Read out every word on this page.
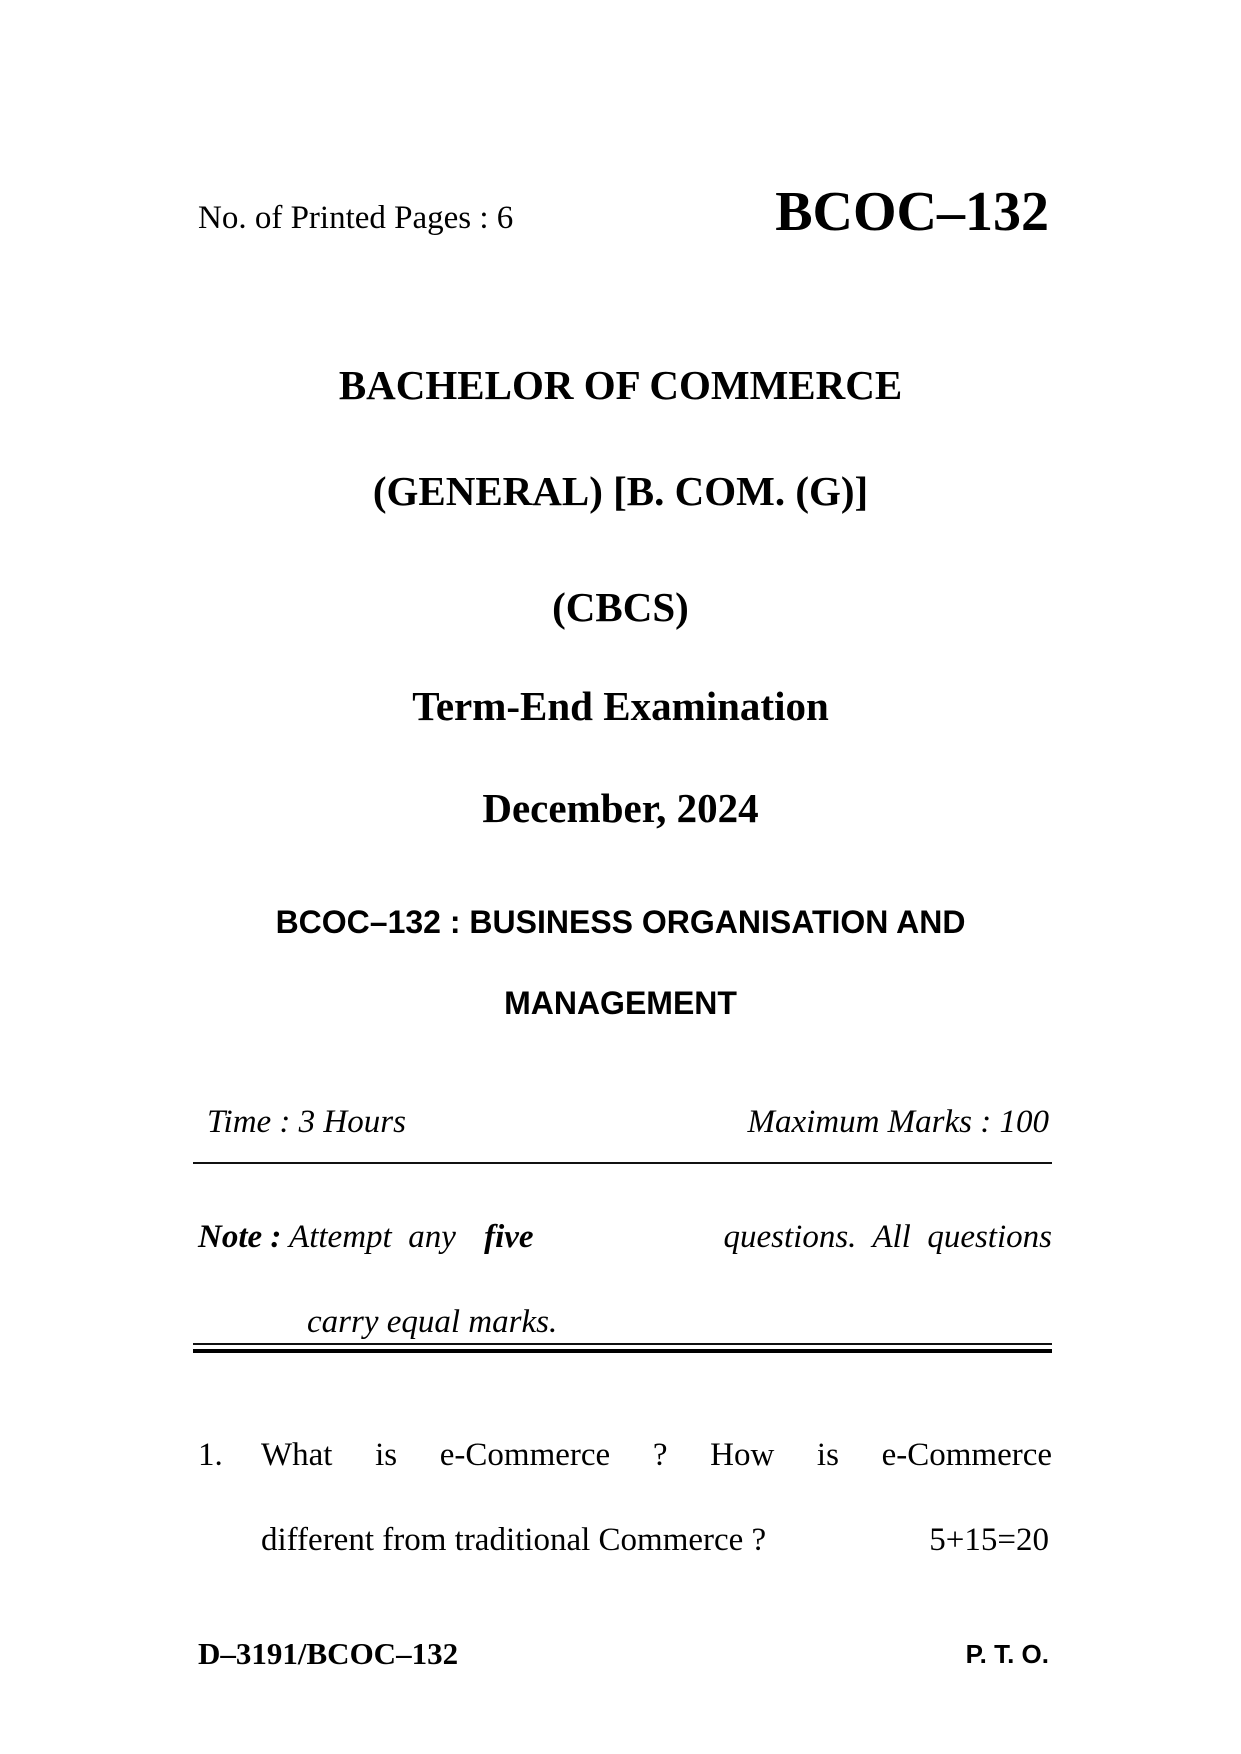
No. of Printed Pages : 6	BCOC–132
BACHELOR OF COMMERCE
(GENERAL) [B. COM. (G)]
(CBCS)
Term-End Examination
December, 2024
BCOC–132 : BUSINESS ORGANISATION AND
MANAGEMENT
Time : 3 Hours	Maximum Marks : 100
Note : Attempt  any five	questions.  All  questions
carry equal marks.
1. What  is  e-Commerce  ?  How  is  e-Commerce
different from traditional Commerce ?	5+15=20
D–3191/BCOC–132	P. T. O.
